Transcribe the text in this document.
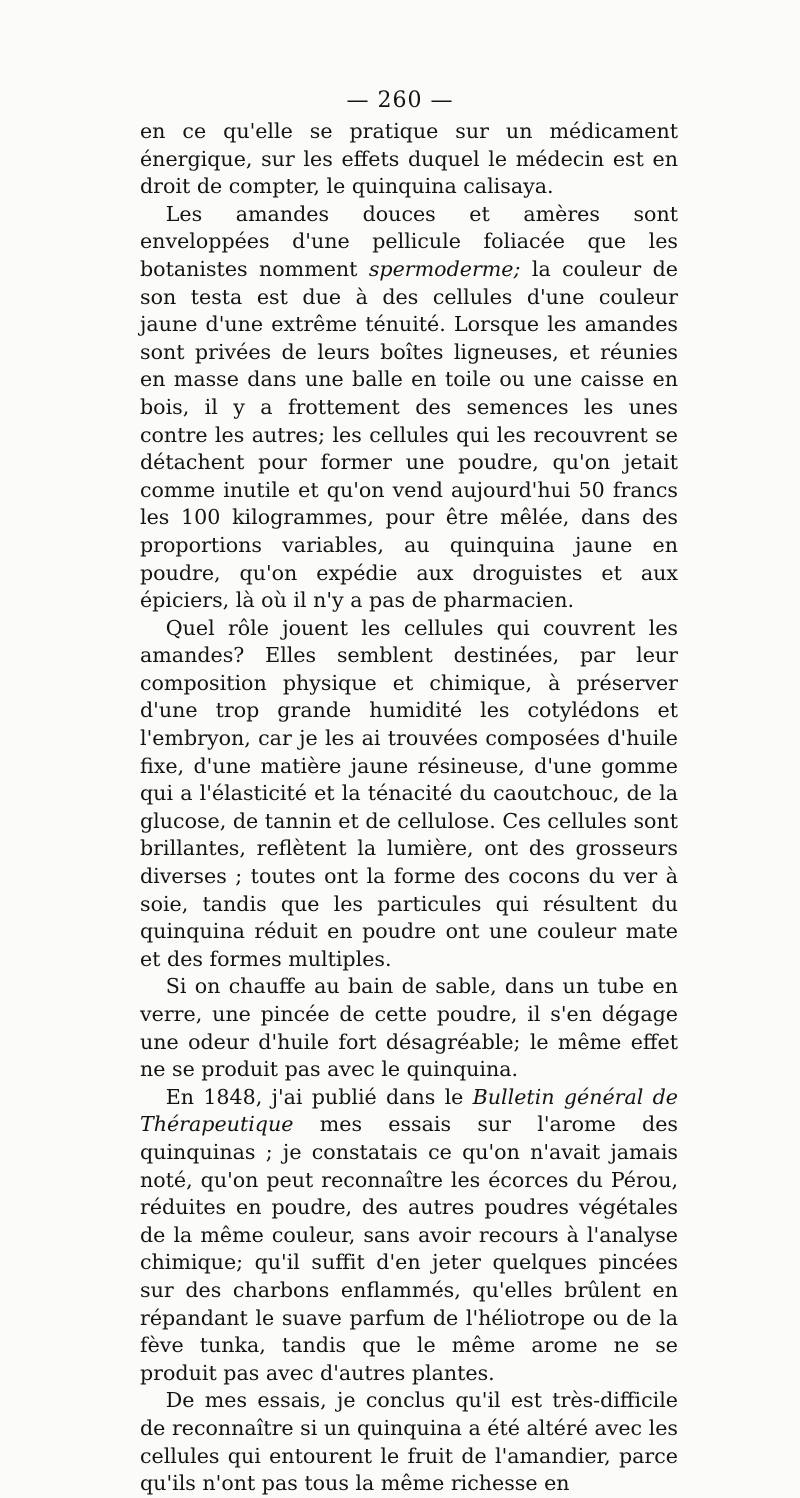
— 260 —

en ce qu'elle se pratique sur un médicament énergique, sur les effets duquel le médecin est en droit de compter, le quinquina calisaya.

Les amandes douces et amères sont enveloppées d'une pellicule foliacée que les botanistes nomment spermoderme; la couleur de son testa est due à des cellules d'une couleur jaune d'une extrême ténuité. Lorsque les amandes sont privées de leurs boîtes ligneuses, et réunies en masse dans une balle en toile ou une caisse en bois, il y a frottement des semences les unes contre les autres; les cellules qui les recouvrent se détachent pour former une poudre, qu'on jetait comme inutile et qu'on vend aujourd'hui 50 francs les 100 kilogrammes, pour être mêlée, dans des proportions variables, au quinquina jaune en poudre, qu'on expédie aux droguistes et aux épiciers, là où il n'y a pas de pharmacien.

Quel rôle jouent les cellules qui couvrent les amandes? Elles semblent destinées, par leur composition physique et chimique, à préserver d'une trop grande humidité les cotylédons et l'embryon, car je les ai trouvées composées d'huile fixe, d'une matière jaune résineuse, d'une gomme qui a l'élasticité et la ténacité du caoutchouc, de la glucose, de tannin et de cellulose. Ces cellules sont brillantes, reflètent la lumière, ont des grosseurs diverses ; toutes ont la forme des cocons du ver à soie, tandis que les particules qui résultent du quinquina réduit en poudre ont une couleur mate et des formes multiples.

Si on chauffe au bain de sable, dans un tube en verre, une pincée de cette poudre, il s'en dégage une odeur d'huile fort désagréable; le même effet ne se produit pas avec le quinquina.

En 1848, j'ai publié dans le Bulletin général de Thérapeutique mes essais sur l'arome des quinquinas ; je constatais ce qu'on n'avait jamais noté, qu'on peut reconnaître les écorces du Pérou, réduites en poudre, des autres poudres végétales de la même couleur, sans avoir recours à l'analyse chimique; qu'il suffit d'en jeter quelques pincées sur des charbons enflammés, qu'elles brûlent en répandant le suave parfum de l'héliotrope ou de la fève tunka, tandis que le même arome ne se produit pas avec d'autres plantes.

De mes essais, je conclus qu'il est très-difficile de reconnaître si un quinquina a été altéré avec les cellules qui entourent le fruit de l'amandier, parce qu'ils n'ont pas tous la même richesse en
